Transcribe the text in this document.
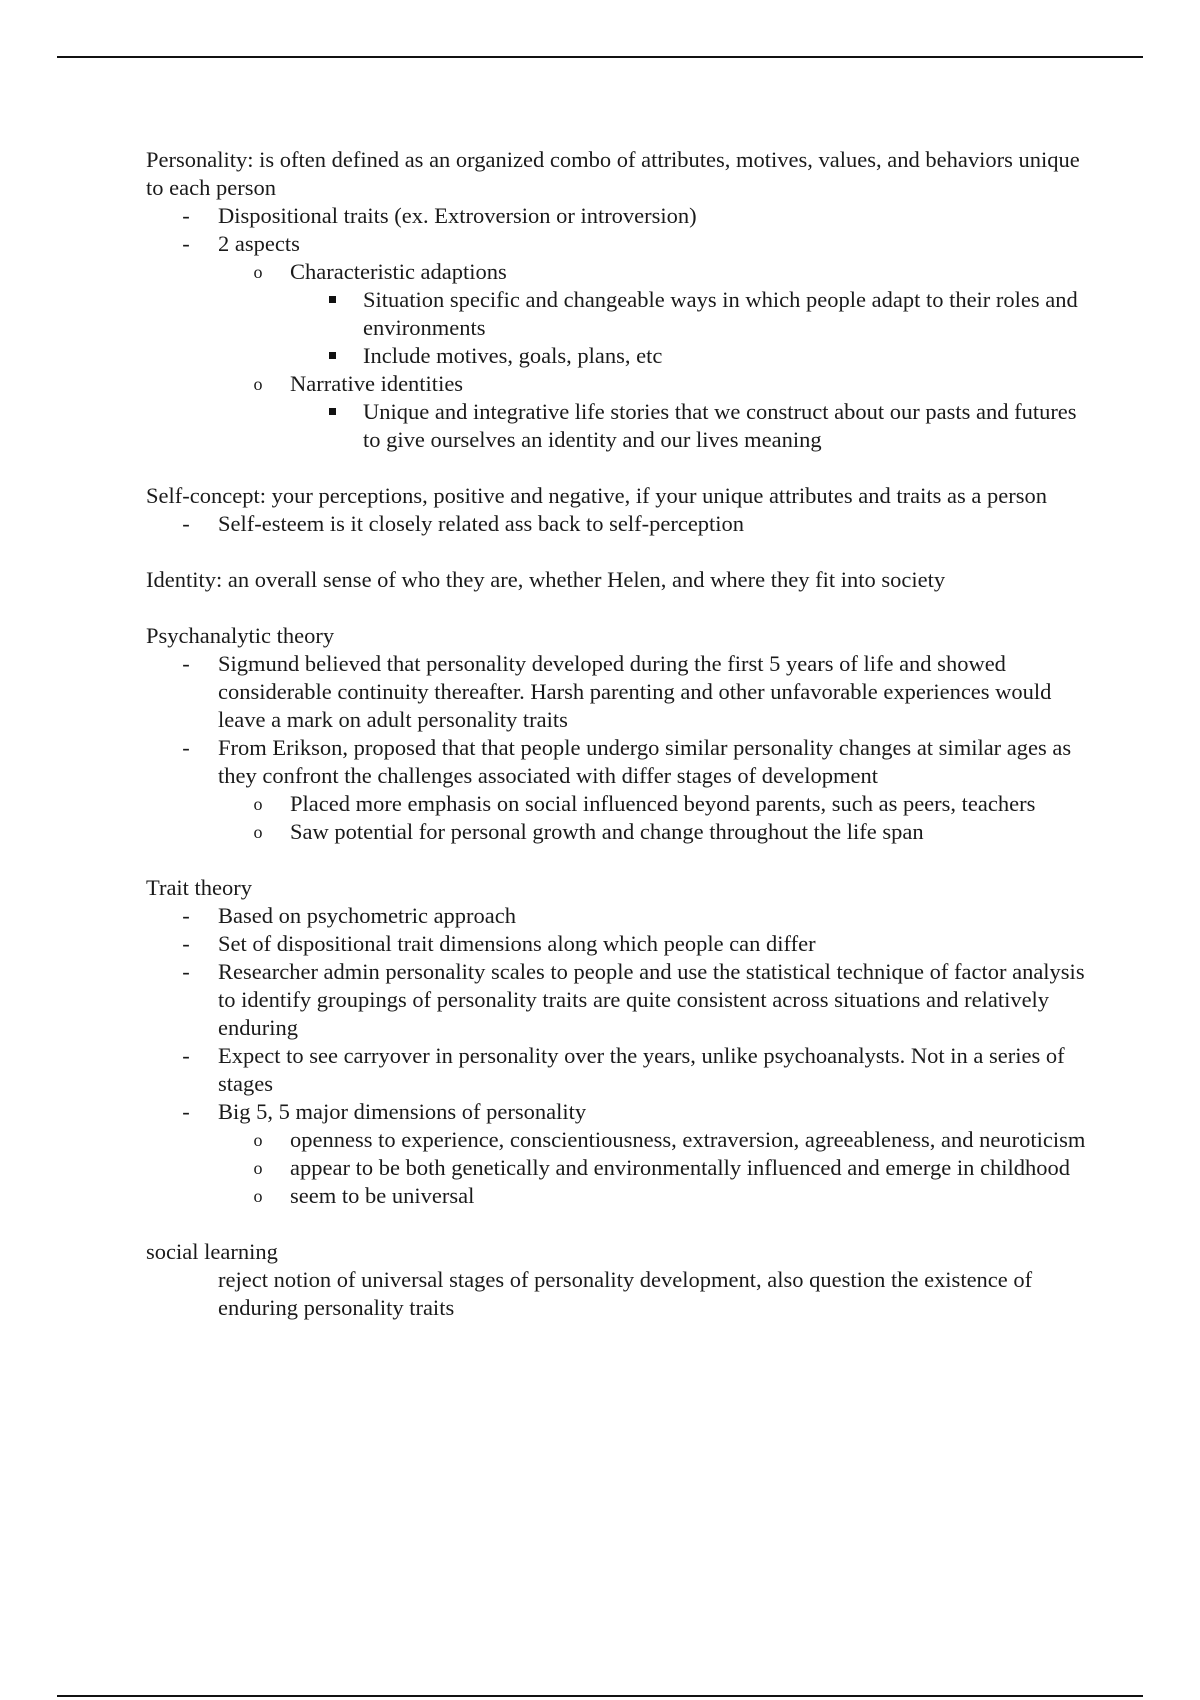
Personality: is often defined as an organized combo of attributes, motives, values, and behaviors unique to each person

- Dispositional traits (ex. Extroversion or introversion)
- 2 aspects
o Characteristic adaptions
Situation specific and changeable ways in which people adapt to their roles and environments
Include motives, goals, plans, etc
o Narrative identities
Unique and integrative life stories that we construct about our pasts and futures to give ourselves an identity and our lives meaning

Self-concept: your perceptions, positive and negative, if your unique attributes and traits as a person

- Self-esteem is it closely related ass back to self-perception

Identity: an overall sense of who they are, whether Helen, and where they fit into society

Psychanalytic theory

- Sigmund believed that personality developed during the first 5 years of life and showed considerable continuity thereafter. Harsh parenting and other unfavorable experiences would leave a mark on adult personality traits
- From Erikson, proposed that that people undergo similar personality changes at similar ages as they confront the challenges associated with differ stages of development
o Placed more emphasis on social influenced beyond parents, such as peers, teachers
o Saw potential for personal growth and change throughout the life span

Trait theory

- Based on psychometric approach
- Set of dispositional trait dimensions along which people can differ
- Researcher admin personality scales to people and use the statistical technique of factor analysis to identify groupings of personality traits are quite consistent across situations and relatively enduring
- Expect to see carryover in personality over the years, unlike psychoanalysts. Not in a series of stages
- Big 5, 5 major dimensions of personality
o openness to experience, conscientiousness, extraversion, agreeableness, and neuroticism
o appear to be both genetically and environmentally influenced and emerge in childhood
o seem to be universal

social learning

reject notion of universal stages of personality development, also question the existence of enduring personality traits
